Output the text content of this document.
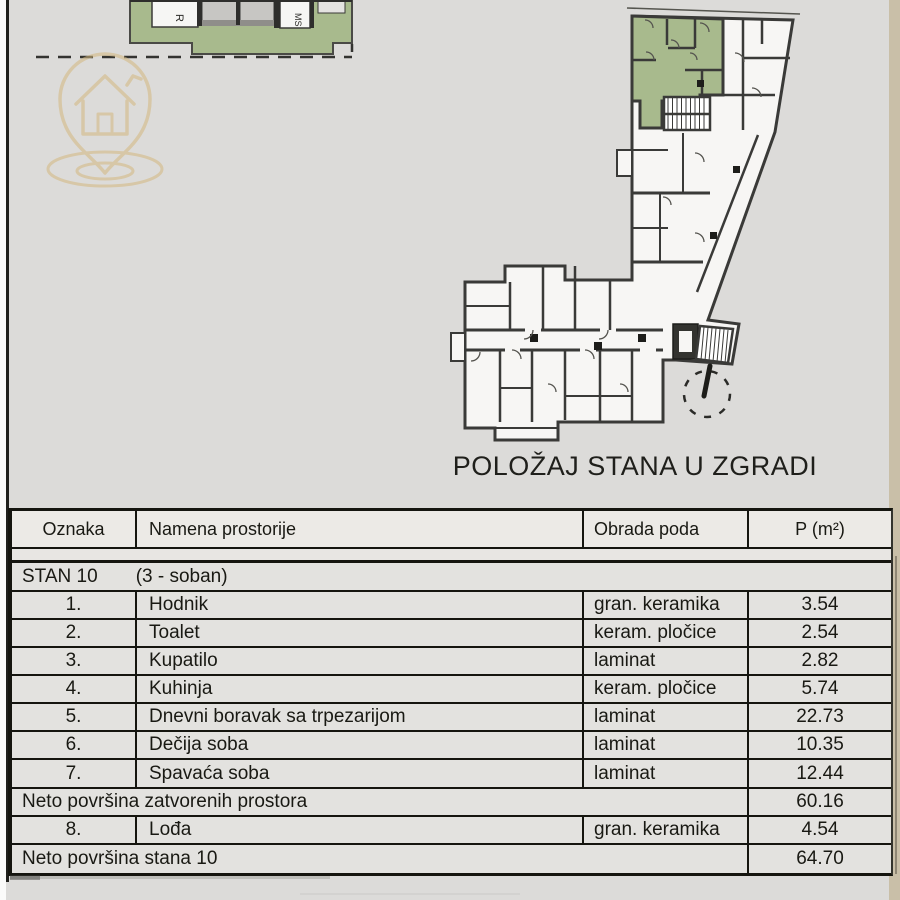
R	MS
POLOŽAJ STANA U ZGRADI
Oznaka	Namena prostorije	Obrada poda	P (m²)
STAN 10 (3 - soban)
1.	Hodnik	gran. keramika	3.54
2.	Toalet	keram. pločice	2.54
3.	Kupatilo	laminat	2.82
4.	Kuhinja	keram. pločice	5.74
5.	Dnevni boravak sa trpezarijom	laminat	22.73
6.	Dečija soba	laminat	10.35
7.	Spavaća soba	laminat	12.44
Neto površina zatvorenih prostora	60.16
8.	Lođa	gran. keramika	4.54
Neto površina stana 10	64.70
